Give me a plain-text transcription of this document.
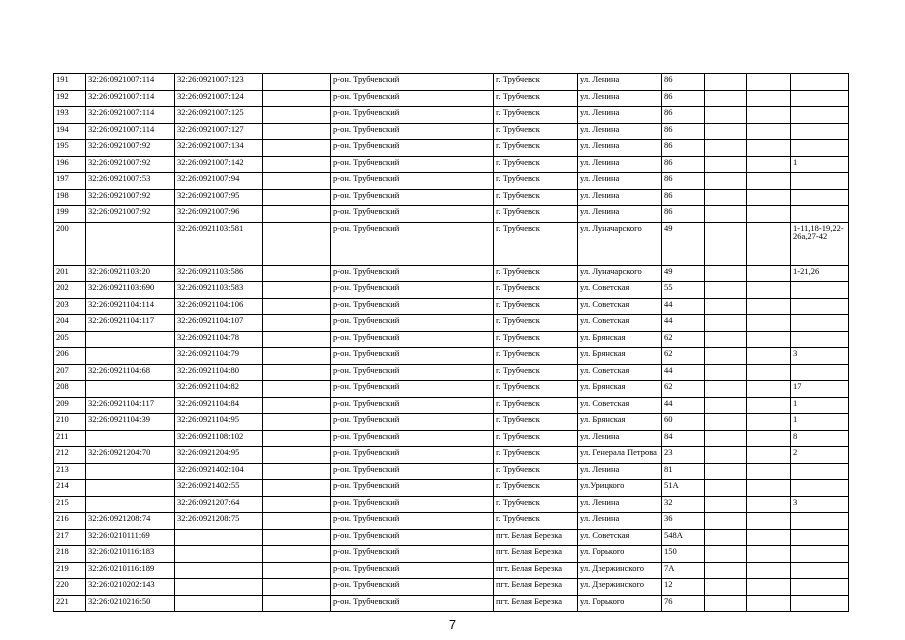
191	32:26:0921007:114	32:26:0921007:123		р-он. Трубчевский	г. Трубчевск	ул. Ленина	86			
192	32:26:0921007:114	32:26:0921007:124		р-он. Трубчевский	г. Трубчевск	ул. Ленина	86			
193	32:26:0921007:114	32:26:0921007:125		р-он. Трубчевский	г. Трубчевск	ул. Ленина	86			
194	32:26:0921007:114	32:26:0921007:127		р-он. Трубчевский	г. Трубчевск	ул. Ленина	86			
195	32:26:0921007:92	32:26:0921007:134		р-он. Трубчевский	г. Трубчевск	ул. Ленина	86			
196	32:26:0921007:92	32:26:0921007:142		р-он. Трубчевский	г. Трубчевск	ул. Ленина	86			1
197	32:26:0921007:53	32:26:0921007:94		р-он. Трубчевский	г. Трубчевск	ул. Ленина	86			
198	32:26:0921007:92	32:26:0921007:95		р-он. Трубчевский	г. Трубчевск	ул. Ленина	86			
199	32:26:0921007:92	32:26:0921007:96		р-он. Трубчевский	г. Трубчевск	ул. Ленина	86			
200		32:26:0921103:581		р-он. Трубчевский	г. Трубчевск	ул. Луначарского	49			1-11,18-19,22-26а,27-42
201	32:26:0921103:20	32:26:0921103:586		р-он. Трубчевский	г. Трубчевск	ул. Луначарского	49			1-21,26
202	32:26:0921103:690	32:26:0921103:583		р-он. Трубчевский	г. Трубчевск	ул. Советская	55			
203	32:26:0921104:114	32:26:0921104:106		р-он. Трубчевский	г. Трубчевск	ул. Советская	44			
204	32:26:0921104:117	32:26:0921104:107		р-он. Трубчевский	г. Трубчевск	ул. Советская	44			
205		32:26:0921104:78		р-он. Трубчевский	г. Трубчевск	ул. Брянская	62			
206		32:26:0921104:79		р-он. Трубчевский	г. Трубчевск	ул. Брянская	62			3
207	32:26:0921104:68	32:26:0921104:80		р-он. Трубчевский	г. Трубчевск	ул. Советская	44			
208		32:26:0921104:82		р-он. Трубчевский	г. Трубчевск	ул. Брянская	62			17
209	32:26:0921104:117	32:26:0921104:84		р-он. Трубчевский	г. Трубчевск	ул. Советская	44			1
210	32:26:0921104:39	32:26:0921104:95		р-он. Трубчевский	г. Трубчевск	ул. Брянская	60			1
211		32:26:0921108:102		р-он. Трубчевский	г. Трубчевск	ул. Ленина	84			8
212	32:26:0921204:70	32:26:0921204:95		р-он. Трубчевский	г. Трубчевск	ул. Генерала Петрова	23			2
213		32:26:0921402:104		р-он. Трубчевский	г. Трубчевск	ул. Ленина	81			
214		32:26:0921402:55		р-он. Трубчевский	г. Трубчевск	ул.Урицкого	51А			
215		32:26:0921207:64		р-он. Трубчевский	г. Трубчевск	ул. Ленина	32			3
216	32:26:0921208:74	32:26:0921208:75		р-он. Трубчевский	г. Трубчевск	ул. Ленина	36			
217	32:26:0210111:69			р-он. Трубчевский	пгт. Белая Березка	ул. Советская	548А			
218	32:26:0210116:183			р-он. Трубчевский	пгт. Белая Березка	ул. Горького	150			
219	32:26:0210116:189			р-он. Трубчевский	пгт. Белая Березка	ул. Дзержинского	7А			
220	32:26:0210202:143			р-он. Трубчевский	пгт. Белая Березка	ул. Дзержинского	12			
221	32:26:0210216:50			р-он. Трубчевский	пгт. Белая Березка	ул. Горького	76			
7
